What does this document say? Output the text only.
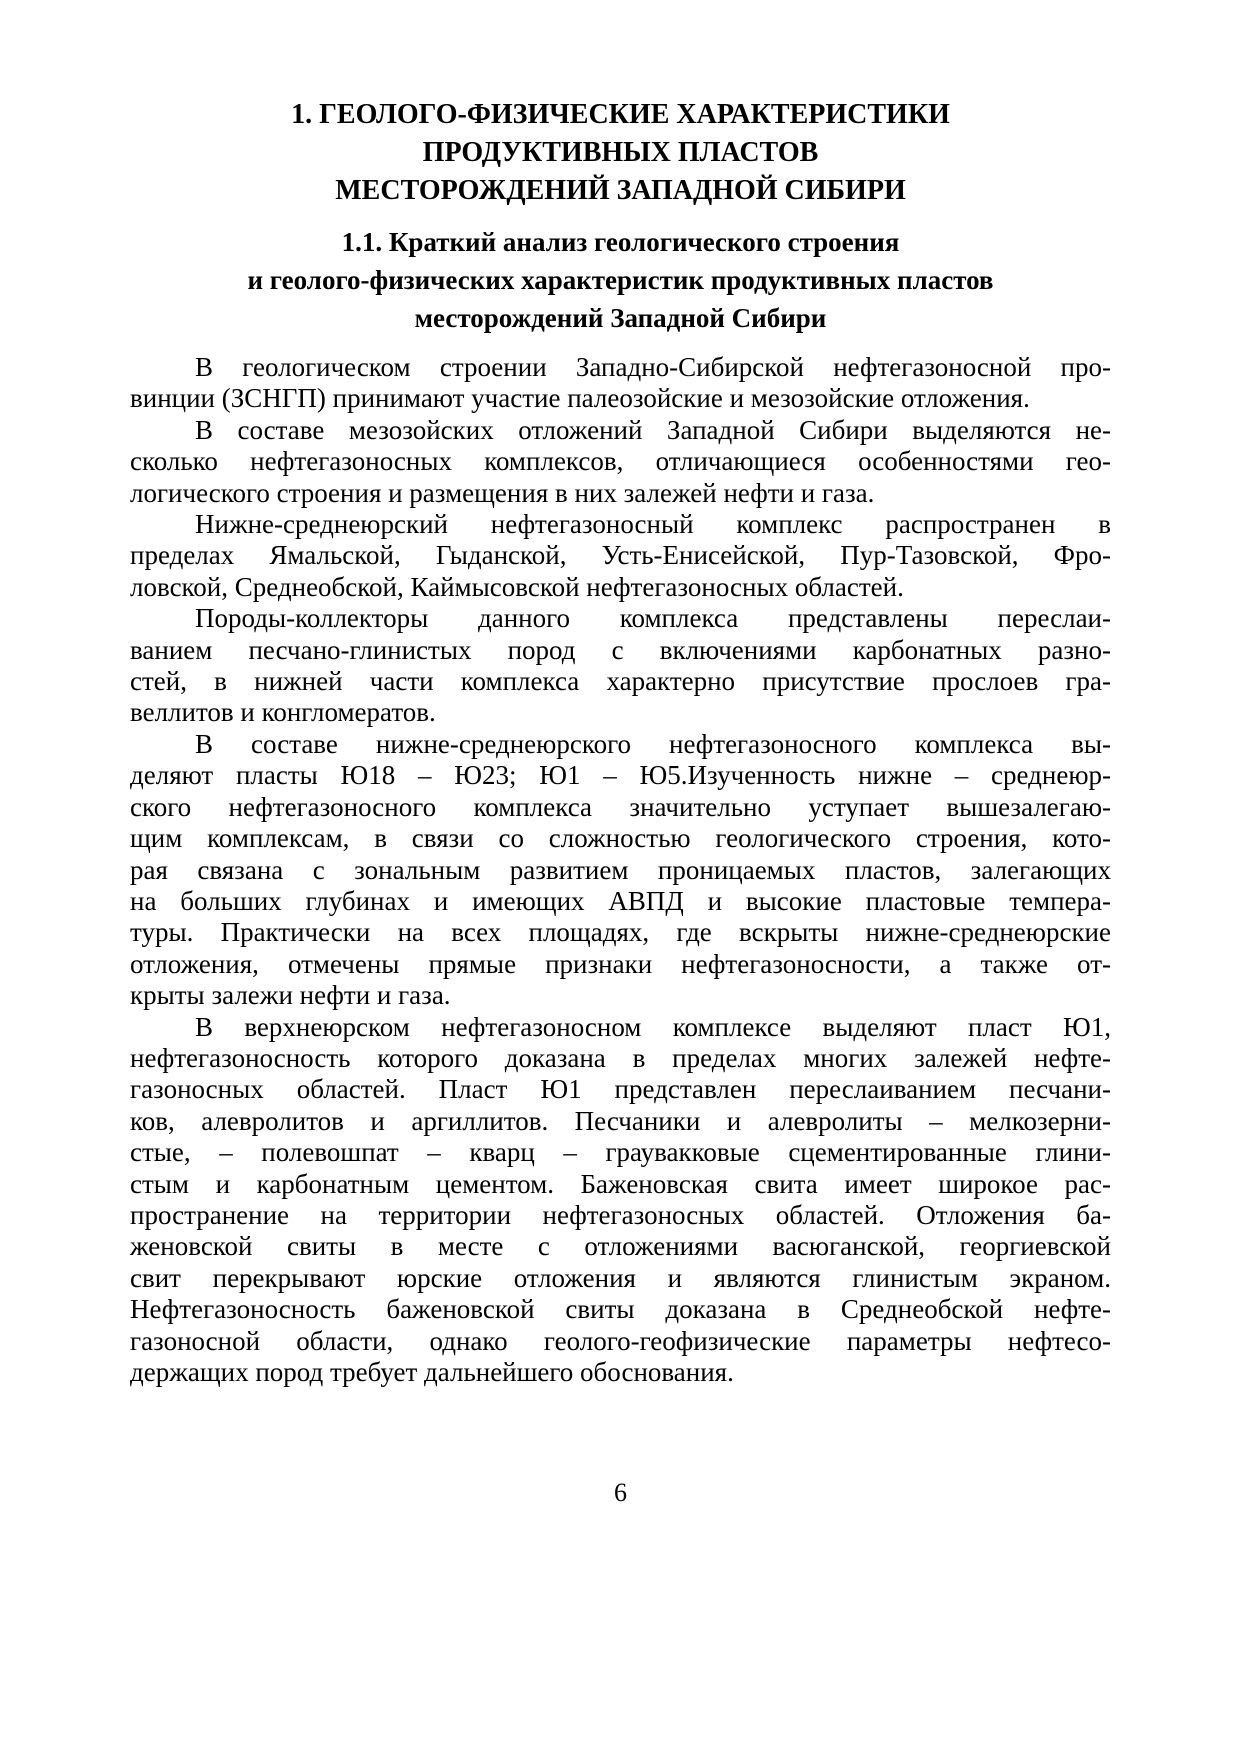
1. ГЕОЛОГО-ФИЗИЧЕСКИЕ ХАРАКТЕРИСТИКИ
ПРОДУКТИВНЫХ ПЛАСТОВ
МЕСТОРОЖДЕНИЙ ЗАПАДНОЙ СИБИРИ
1.1. Краткий анализ геологического строения
и геолого-физических характеристик продуктивных пластов
месторождений Западной Сибири
В геологическом строении Западно-Сибирской нефтегазоносной про-
винции (ЗСНГП) принимают участие палеозойские и мезозойские отложения.
В составе мезозойских отложений Западной Сибири выделяются не-
сколько нефтегазоносных комплексов, отличающиеся особенностями гео-
логического строения и размещения в них залежей нефти и газа.
Нижне-среднеюрский нефтегазоносный комплекс распространен в
пределах Ямальской, Гыданской, Усть-Енисейской, Пур-Тазовской, Фро-
ловской, Среднеобской, Каймысовской нефтегазоносных областей.
Породы-коллекторы данного комплекса представлены переслаи-
ванием песчано-глинистых пород с включениями карбонатных разно-
стей, в нижней части комплекса характерно присутствие прослоев гра-
веллитов и конгломератов.
В составе нижне-среднеюрского нефтегазоносного комплекса вы-
деляют пласты Ю18 – Ю23; Ю1 – Ю5.Изученность нижне – среднеюр-
ского нефтегазоносного комплекса значительно уступает вышезалегаю-
щим комплексам, в связи со сложностью геологического строения, кото-
рая связана с зональным развитием проницаемых пластов, залегающих
на больших глубинах и имеющих АВПД и высокие пластовые темпера-
туры. Практически на всех площадях, где вскрыты нижне-среднеюрские
отложения, отмечены прямые признаки нефтегазоносности, а также от-
крыты залежи нефти и газа.
В верхнеюрском нефтегазоносном комплексе выделяют пласт Ю1,
нефтегазоносность которого доказана в пределах многих залежей нефте-
газоносных областей. Пласт Ю1 представлен переслаиванием песчани-
ков, алевролитов и аргиллитов. Песчаники и алевролиты – мелкозерни-
стые, – полевошпат – кварц – граувакковые сцементированные глини-
стым и карбонатным цементом. Баженовская свита имеет широкое рас-
пространение на территории нефтегазоносных областей. Отложения ба-
женовской свиты в месте с отложениями васюганской, георгиевской
свит перекрывают юрские отложения и являются глинистым экраном.
Нефтегазоносность баженовской свиты доказана в Среднеобской нефте-
газоносной области, однако геолого-геофизические параметры нефтесо-
держащих пород требует дальнейшего обоснования.
6
